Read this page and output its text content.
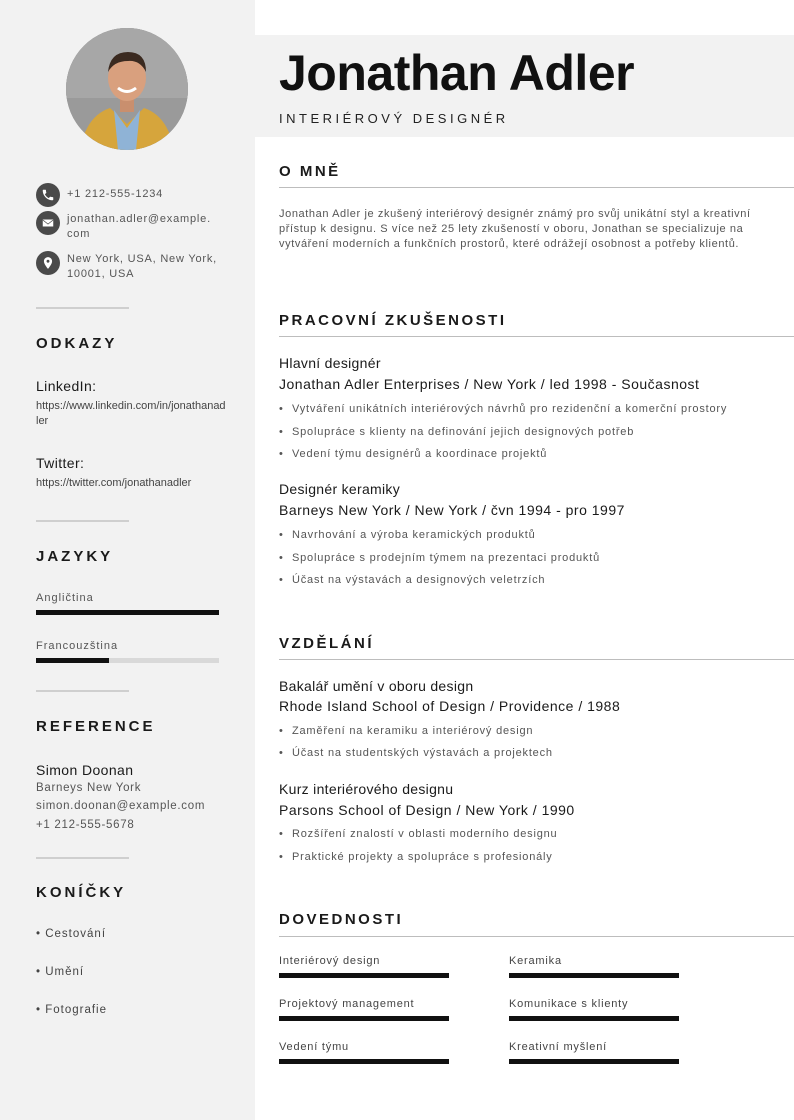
+1 212-555-1234
jonathan.adler@example.com
New York, USA, New York, 10001, USA
ODKAZY
LinkedIn:
https://www.linkedin.com/in/jonathanadler
Twitter:
https://twitter.com/jonathanadler
JAZYKY
Angličtina
Francouzština
REFERENCE
Simon Doonan
Barneys New York
simon.doonan@example.com
+1 212-555-5678
KONÍČKY
• Cestování
• Umění
• Fotografie
Jonathan Adler
INTERIÉROVÝ DESIGNÉR
O MNĚ
Jonathan Adler je zkušený interiérový designér známý pro svůj unikátní styl a kreativní přístup k designu. S více než 25 lety zkušeností v oboru, Jonathan se specializuje na vytváření moderních a funkčních prostorů, které odrážejí osobnost a potřeby klientů.
PRACOVNÍ ZKUŠENOSTI
Hlavní designér
Jonathan Adler Enterprises / New York / led 1998 - Současnost
• Vytváření unikátních interiérových návrhů pro rezidenční a komerční prostory
• Spolupráce s klienty na definování jejich designových potřeb
• Vedení týmu designérů a koordinace projektů
Designér keramiky
Barneys New York / New York / čvn 1994 - pro 1997
• Navrhování a výroba keramických produktů
• Spolupráce s prodejním týmem na prezentaci produktů
• Účast na výstavách a designových veletrzích
VZDĚLÁNÍ
Bakalář umění v oboru design
Rhode Island School of Design / Providence / 1988
• Zaměření na keramiku a interiérový design
• Účast na studentských výstavách a projektech
Kurz interiérového designu
Parsons School of Design / New York / 1990
• Rozšíření znalostí v oblasti moderního designu
• Praktické projekty a spolupráce s profesionály
DOVEDNOSTI
Interiérový design	Keramika
Projektový management	Komunikace s klienty
Vedení týmu	Kreativní myšlení
